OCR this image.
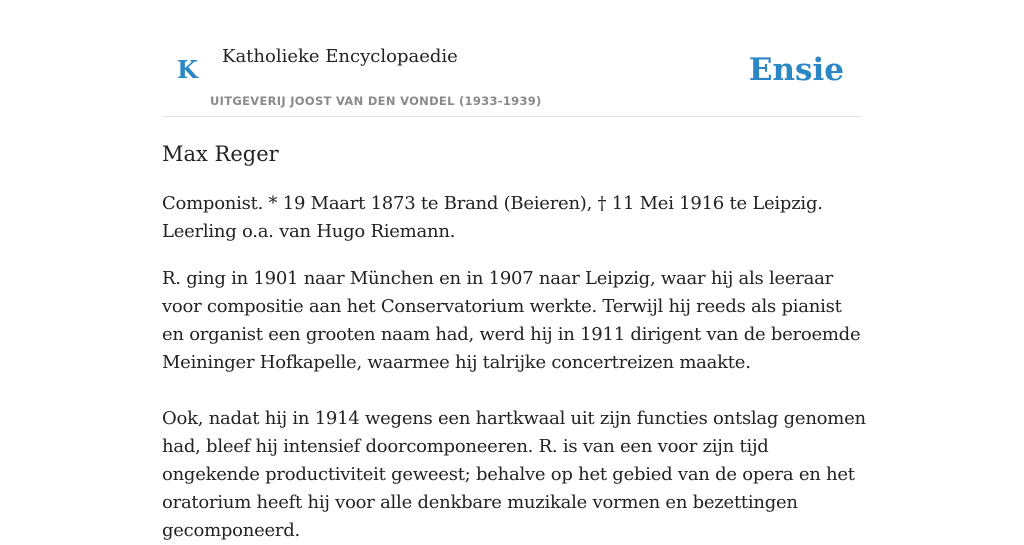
K Katholieke Encyclopaedie
UITGEVERIJ JOOST VAN DEN VONDEL (1933-1939)
Ensie
Max Reger

Componist. * 19 Maart 1873 te Brand (Beieren), † 11 Mei 1916 te Leipzig. Leerling o.a. van Hugo Riemann.

R. ging in 1901 naar München en in 1907 naar Leipzig, waar hij als leeraar voor compositie aan het Conservatorium werkte. Terwijl hij reeds als pianist en organist een grooten naam had, werd hij in 1911 dirigent van de beroemde Meininger Hofkapelle, waarmee hij talrijke concertreizen maakte.

Ook, nadat hij in 1914 wegens een hartkwaal uit zijn functies ontslag genomen had, bleef hij intensief doorcomponeeren. R. is van een voor zijn tijd ongekende productiviteit geweest; behalve op het gebied van de opera en het oratorium heeft hij voor alle denkbare muzikale vormen en bezettingen gecomponeerd.
